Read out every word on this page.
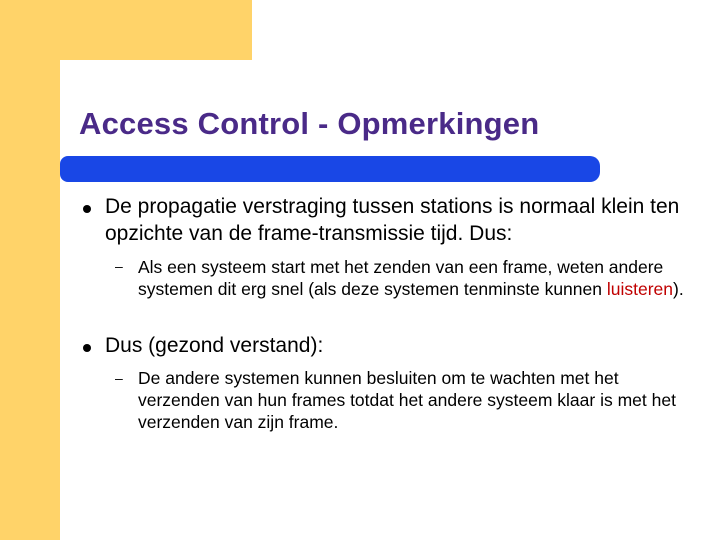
Access Control - Opmerkingen

De propagatie verstraging tussen stations is normaal klein ten opzichte van de frame-transmissie tijd. Dus:

– Als een systeem start met het zenden van een frame, weten andere systemen dit erg snel (als deze systemen tenminste kunnen luisteren).

Dus (gezond verstand):

– De andere systemen kunnen besluiten om te wachten met het verzenden van hun frames totdat het andere systeem klaar is met het verzenden van zijn frame.
